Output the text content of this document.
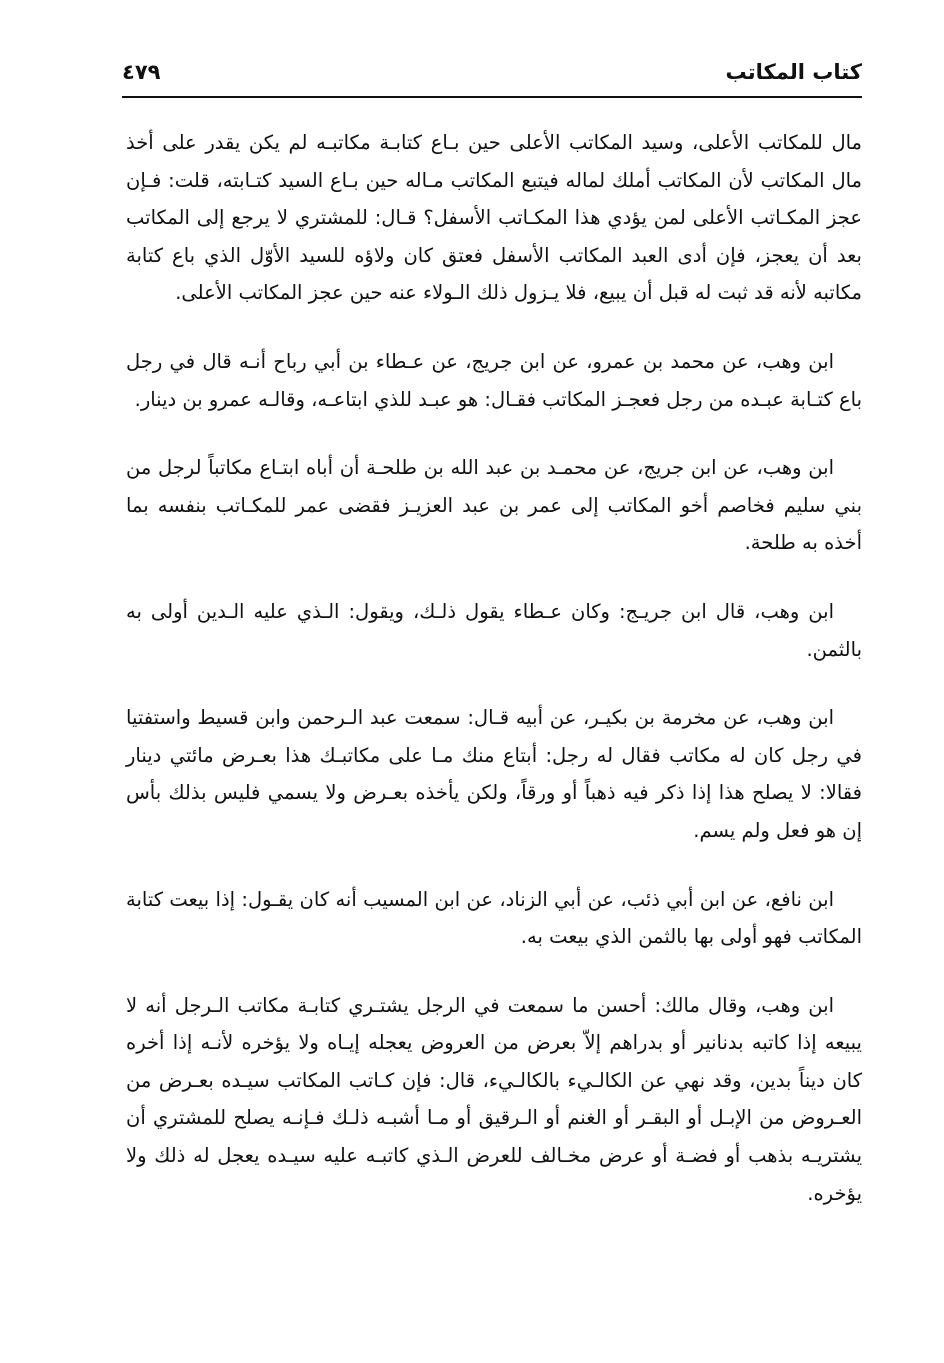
كتاب المكاتب
٤٧٩

مال للمكاتب الأعلى، وسيد المكاتب الأعلى حين بـاع كتابـة مكاتبـه لم يكن يقدر على أخذ مال المكاتب لأن المكاتب أملك لماله فيتبع المكاتب مـاله حين بـاع السيد كتـابته، قلت: فـإن عجز المكـاتب الأعلى لمن يؤدي هذا المكـاتب الأسفل؟ قـال: للمشتري لا يرجع إلى المكاتب بعد أن يعجز، فإن أدى العبد المكاتب الأسفل فعتق كان ولاؤه للسيد الأوّل الذي باع كتابة مكاتبه لأنه قد ثبت له قبل أن يبيع، فلا يـزول ذلك الـولاء عنه حين عجز المكاتب الأعلى.

ابن وهب، عن محمد بن عمرو، عن ابن جريج، عن عـطاء بن أبي رباح أنـه قال في رجل باع كتـابة عبـده من رجل فعجـز المكاتب فقـال: هو عبـد للذي ابتاعـه، وقالـه عمرو بن دينار.

ابن وهب، عن ابن جريج، عن محمـد بن عبد الله بن طلحـة أن أباه ابتـاع مكاتباً لرجل من بني سليم فخاصم أخو المكاتب إلى عمر بن عبد العزيـز فقضى عمر للمكـاتب بنفسه بما أخذه به طلحة.

ابن وهب، قال ابن جريـج: وكان عـطاء يقول ذلـك، ويقول: الـذي عليه الـدين أولى به بالثمن.

ابن وهب، عن مخرمة بن بكيـر، عن أبيه قـال: سمعت عبد الـرحمن وابن قسيط واستفتيا في رجل كان له مكاتب فقال له رجل: أبتاع منك مـا على مكاتبـك هذا بعـرض مائتي دينار فقالا: لا يصلح هذا إذا ذكر فيه ذهباً أو ورقاً، ولكن يأخذه بعـرض ولا يسمي فليس بذلك بأس إن هو فعل ولم يسم.

ابن نافع، عن ابن أبي ذئب، عن أبي الزناد، عن ابن المسيب أنه كان يقـول: إذا بيعت كتابة المكاتب فهو أولى بها بالثمن الذي بيعت به.

ابن وهب، وقال مالك: أحسن ما سمعت في الرجل يشتـري كتابـة مكاتب الـرجل أنه لا يبيعه إذا كاتبه بدنانير أو بدراهم إلاّ بعرض من العروض يعجله إيـاه ولا يؤخره لأنـه إذا أخره كان ديناً بدين، وقد نهي عن الكالـيء بالكالـيء، قال: فإن كـاتب المكاتب سيـده بعـرض من العـروض من الإبـل أو البقـر أو الغنم أو الـرقيق أو مـا أشبـه ذلـك فـإنـه يصلح للمشتري أن يشتريـه بذهب أو فضـة أو عرض مخـالف للعرض الـذي كاتبـه عليه سيـده يعجل له ذلك ولا يؤخره.
